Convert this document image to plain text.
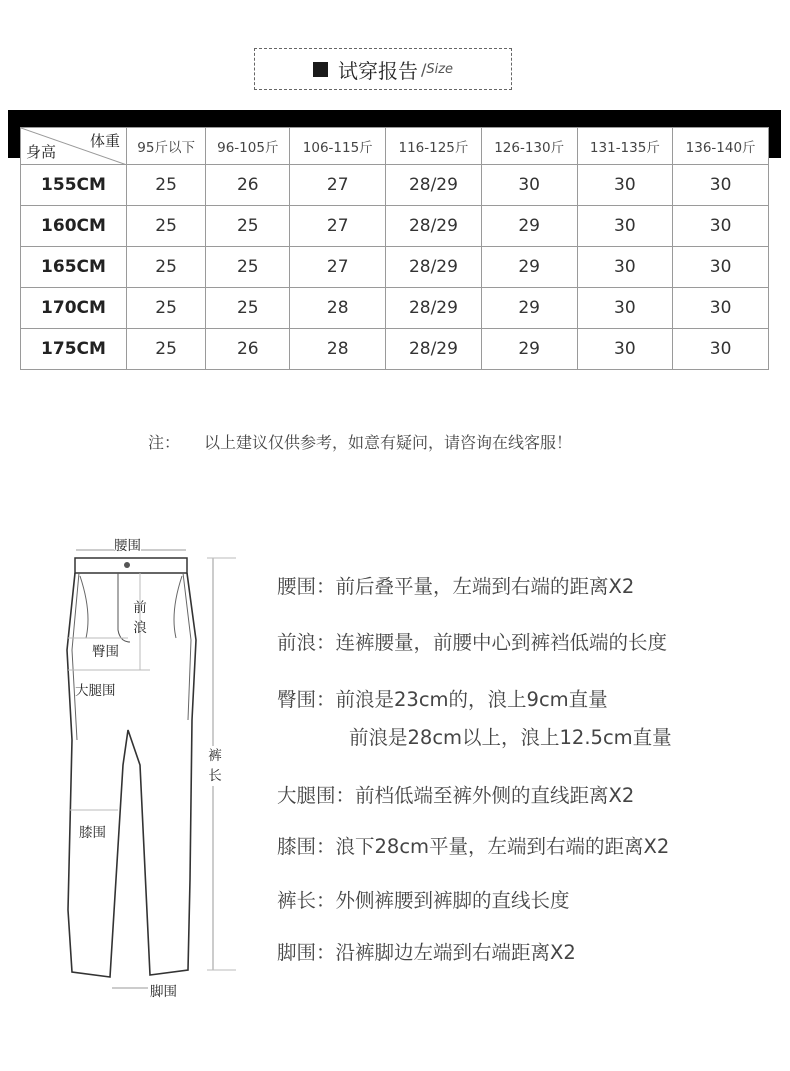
试穿报告 / Size
体重
身高	95斤以下	96-105斤	106-115斤	116-125斤	126-130斤	131-135斤	136-140斤
155CM	25	26	27	28/29	30	30	30
160CM	25	25	27	28/29	29	30	30
165CM	25	25	27	28/29	29	30	30
170CM	25	25	28	28/29	29	30	30
175CM	25	26	28	28/29	29	30	30
注： 以上建议仅供参考，如意有疑问，请咨询在线客服！
腰围
前
浪
臀围
大腿围
膝围
裤
长
脚围
腰围：前后叠平量，左端到右端的距离X2
前浪：连裤腰量，前腰中心到裤裆低端的长度
臀围：前浪是23cm的，浪上9cm直量
前浪是28cm以上，浪上12.5cm直量
大腿围：前档低端至裤外侧的直线距离X2
膝围：浪下28cm平量，左端到右端的距离X2
裤长：外侧裤腰到裤脚的直线长度
脚围：沿裤脚边左端到右端距离X2
